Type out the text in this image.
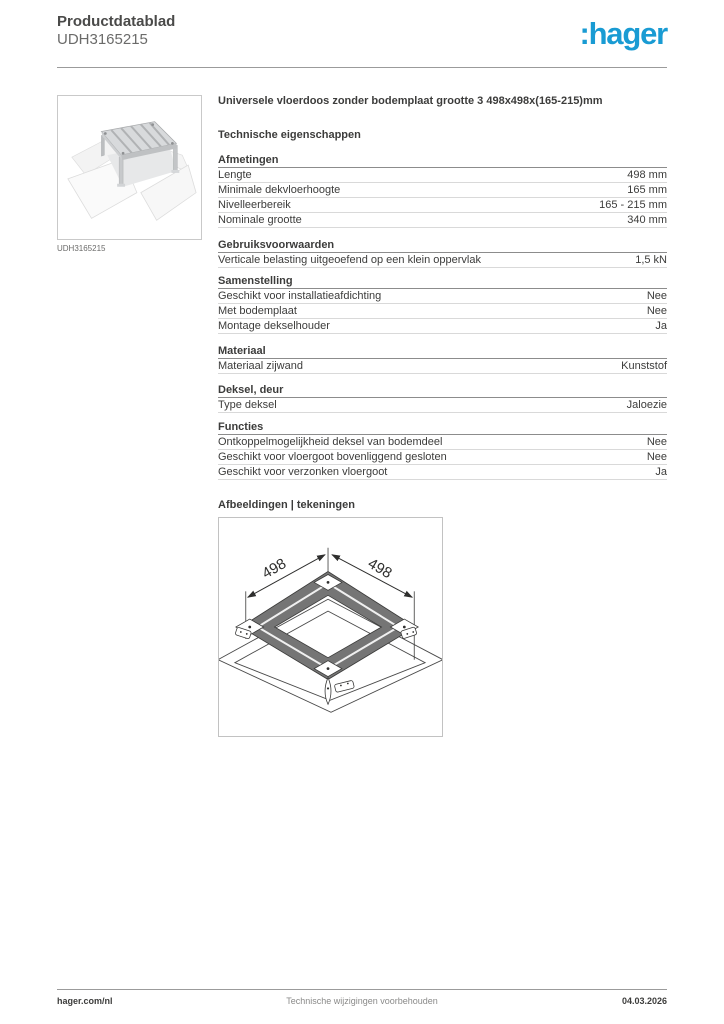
Productdatablad
UDH3165215	:hager
UDH3165215
Universele vloerdoos zonder bodemplaat grootte 3 498x498x(165-215)mm
Technische eigenschappen
Afmetingen
Lengte	498 mm
Minimale dekvloerhoogte	165 mm
Nivelleerbereik	165 - 215 mm
Nominale grootte	340 mm
Gebruiksvoorwaarden
Verticale belasting uitgeoefend op een klein oppervlak	1,5 kN
Samenstelling
Geschikt voor installatieafdichting	Nee
Met bodemplaat	Nee
Montage dekselhouder	Ja
Materiaal
Materiaal zijwand	Kunststof
Deksel, deur
Type deksel	Jaloezie
Functies
Ontkoppelmogelijkheid deksel van bodemdeel	Nee
Geschikt voor vloergoot bovenliggend gesloten	Nee
Geschikt voor verzonken vloergoot	Ja
Afbeeldingen | tekeningen
498	498
hager.com/nl	Technische wijzigingen voorbehouden	04.03.2026
